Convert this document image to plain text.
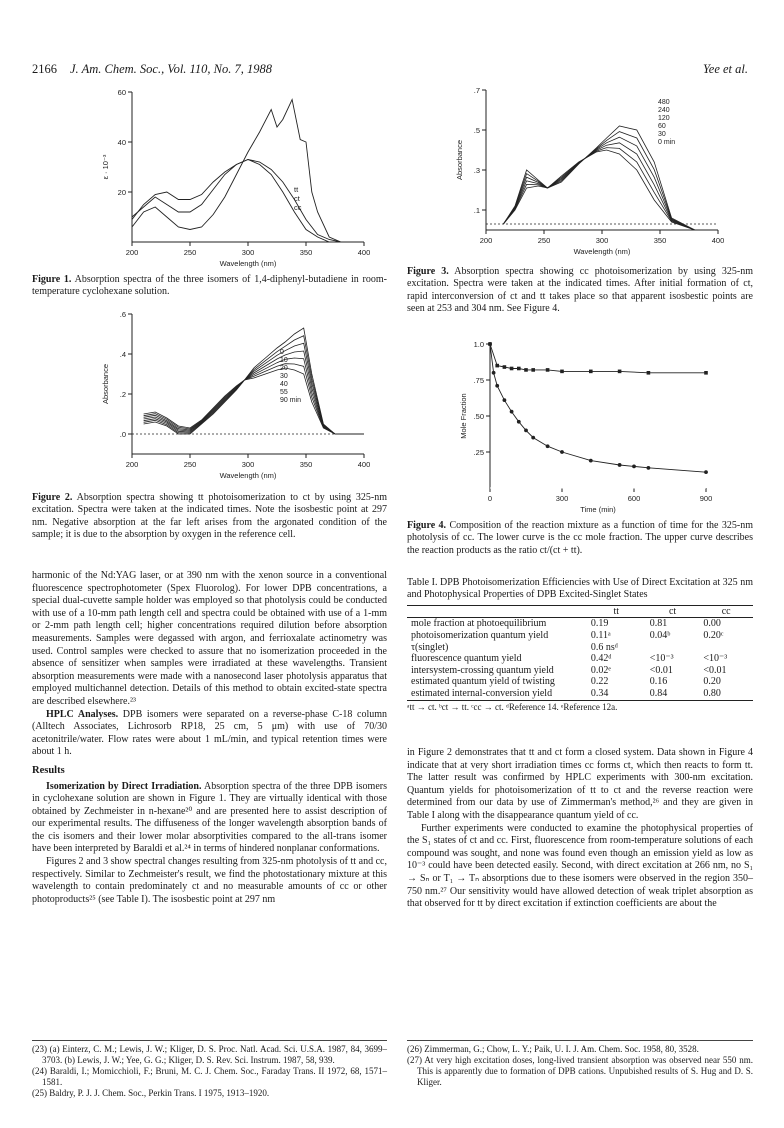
2166 J. Am. Chem. Soc., Vol. 110, No. 7, 1988	Yee et al.
200	250	300	350	400
60
40
20
Wavelength (nm)
ε · 10⁻³
tt
ct
cc
Figure 1. Absorption spectra of the three isomers of 1,4-diphenyl-butadiene in room-temperature cyclohexane solution.
200	250	300	350	400
.6
.4
.2
.0
Wavelength (nm)
Absorbance
0
10
20
30
40
55
90 min
Figure 2. Absorption spectra showing tt photoisomerization to ct by using 325-nm excitation. Spectra were taken at the indicated times. Note the isosbestic point at 297 nm. Negative absorption at the far left arises from the argonated condition of the sample; it is due to the absorption by oxygen in the reference cell.

harmonic of the Nd:YAG laser, or at 390 nm with the xenon source in a conventional fluorescence spectrophotometer (Spex Fluorolog). For lower DPB concentrations, a special dual-cuvette sample holder was employed so that photolysis could be conducted with use of a 10-mm path length cell and spectra could be obtained with use of a 1-mm or 2-mm path length cell; higher concentrations required dilution before absorption measurements. Samples were degassed with argon, and ferrioxalate actinometry was used. Control samples were checked to assure that no isomerization proceeded in the absence of sensitizer when samples were irradiated at these wavelengths. Transient absorption measurements were made with a nanosecond laser photolysis apparatus that employed multichannel detection. Details of this method to obtain excited-state spectra are described elsewhere.²³

HPLC Analyses. DPB isomers were separated on a reverse-phase C-18 column (Alltech Associates, Lichrosorb RP18, 25 cm, 5 μm) with use of 70/30 acetonitrile/water. Flow rates were about 1 mL/min, and typical retention times were about 1 h.

Results

Isomerization by Direct Irradiation. Absorption spectra of the three DPB isomers in cyclohexane solution are shown in Figure 1. They are virtually identical with those obtained by Zechmeister in n-hexane²⁰ and are presented here to assist description of our experimental results. The diffuseness of the longer wavelength absorption bands of the cis isomers and their lower molar absorptivities compared to the all-trans isomer have been interpreted by Baraldi et al.²⁴ in terms of hindered nonplanar conformations.

Figures 2 and 3 show spectral changes resulting from 325-nm photolysis of tt and cc, respectively. Similar to Zechmeister's result, we find the photostationary mixture at this wavelength to contain predominately ct and no measurable amounts of cc or other photoproducts²⁵ (see Table I). The isosbestic point at 297 nm

(23) (a) Einterz, C. M.; Lewis, J. W.; Kliger, D. S. Proc. Natl. Acad. Sci. U.S.A. 1987, 84, 3699–3703. (b) Lewis, J. W.; Yee, G. G.; Kliger, D. S. Rev. Sci. Instrum. 1987, 58, 939.

(24) Baraldi, I.; Momicchioli, F.; Bruni, M. C. J. Chem. Soc., Faraday Trans. II 1972, 68, 1571–1581.

(25) Baldry, P. J. J. Chem. Soc., Perkin Trans. I 1975, 1913–1920.

200	250	300	350	400
.7
.5
.3
.1
Wavelength (nm)
Absorbance
480
240
120
60
30
0 min
Figure 3. Absorption spectra showing cc photoisomerization by using 325-nm excitation. Spectra were taken at the indicated times. After initial formation of ct, rapid interconversion of ct and tt takes place so that apparent isosbestic points are seen at 253 and 304 nm. See Figure 4.
0	300	600	900
1.0
.75
.50
.25
Time (min)
Mole Fraction
Figure 4. Composition of the reaction mixture as a function of time for the 325-nm photolysis of cc. The lower curve is the cc mole fraction. The upper curve describes the reaction products as the ratio ct/(ct + tt).
Table I. DPB Photoisomerization Efficiencies with Use of Direct Excitation at 325 nm and Photophysical Properties of DPB Excited-Singlet States
	tt	ct	cc
mole fraction at photoequilibrium	0.19	0.81	0.00
photoisomerization quantum yield	0.11ᵃ	0.04ᵇ	0.20ᶜ
τ(singlet)	0.6 nsᵈ		
fluorescence quantum yield	0.42ᵈ	<10⁻³	<10⁻³
intersystem-crossing quantum yield	0.02ᵉ	<0.01	<0.01
estimated quantum yield of twisting	0.22	0.16	0.20
estimated internal-conversion yield	0.34	0.84	0.80
ᵃtt → ct. ᵇct → tt. ᶜcc → ct. ᵈReference 14. ᵉReference 12a.

in Figure 2 demonstrates that tt and ct form a closed system. Data shown in Figure 4 indicate that at very short irradiation times cc forms ct, which then reacts to form tt. The latter result was confirmed by HPLC experiments with 300-nm excitation. Quantum yields for photoisomerization of tt to ct and the reverse reaction were determined from our data by use of Zimmerman's method,²⁶ and they are given in Table I along with the disappearance quantum yield of cc.

Further experiments were conducted to examine the photophysical properties of the S₁ states of ct and cc. First, fluorescence from room-temperature solutions of each compound was sought, and none was found even though an emission yield as low as 10⁻³ could have been detected easily. Second, with direct excitation at 266 nm, no S₁ → Sₙ or T₁ → Tₙ absorptions due to these isomers were observed in the region 350–750 nm.²⁷ Our sensitivity would have allowed detection of weak triplet absorption as that observed for tt by direct excitation if extinction coefficients are about the

(26) Zimmerman, G.; Chow, L. Y.; Paik, U. I. J. Am. Chem. Soc. 1958, 80, 3528.

(27) At very high excitation doses, long-lived transient absorption was observed near 550 nm. This is apparently due to formation of DPB cations. Unpubished results of S. Hug and D. S. Kliger.
